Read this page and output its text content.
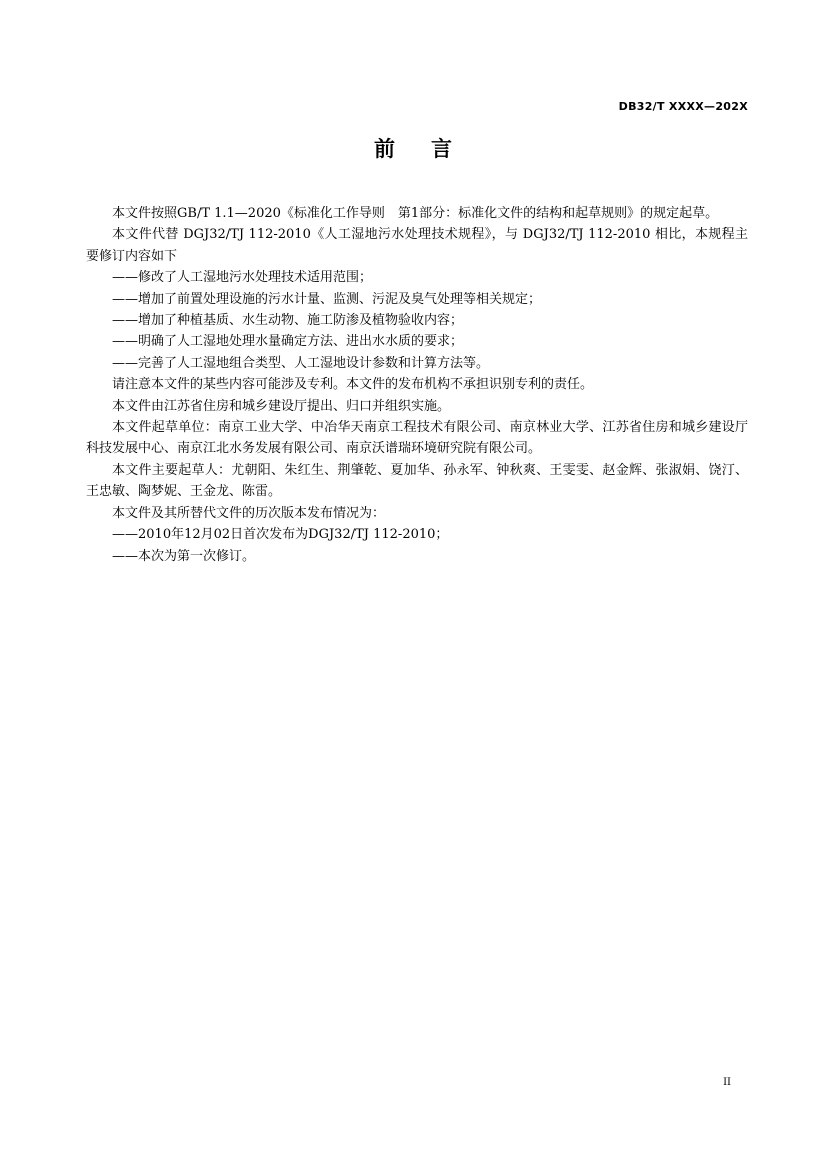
DB32/T XXXX—202X
前言

本文件按照GB/T 1.1—2020《标准化工作导则　第1部分：标准化文件的结构和起草规则》的规定起草。

本文件代替 DGJ32/TJ 112-2010《人工湿地污水处理技术规程》，与 DGJ32/TJ 112-2010 相比，本规程主要修订内容如下

——修改了人工湿地污水处理技术适用范围；

——增加了前置处理设施的污水计量、监测、污泥及臭气处理等相关规定；

——增加了种植基质、水生动物、施工防渗及植物验收内容；

——明确了人工湿地处理水量确定方法、进出水水质的要求；

——完善了人工湿地组合类型、人工湿地设计参数和计算方法等。

请注意本文件的某些内容可能涉及专利。本文件的发布机构不承担识别专利的责任。

本文件由江苏省住房和城乡建设厅提出、归口并组织实施。

本文件起草单位：南京工业大学、中冶华天南京工程技术有限公司、南京林业大学、江苏省住房和城乡建设厅科技发展中心、南京江北水务发展有限公司、南京沃谱瑞环境研究院有限公司。

本文件主要起草人：尤朝阳、朱红生、荆肇乾、夏加华、孙永军、钟秋爽、王雯雯、赵金辉、张淑娟、饶汀、王忠敏、陶梦妮、王金龙、陈雷。

本文件及其所替代文件的历次版本发布情况为：

——2010年12月02日首次发布为DGJ32/TJ 112-2010；

——本次为第一次修订。

II
